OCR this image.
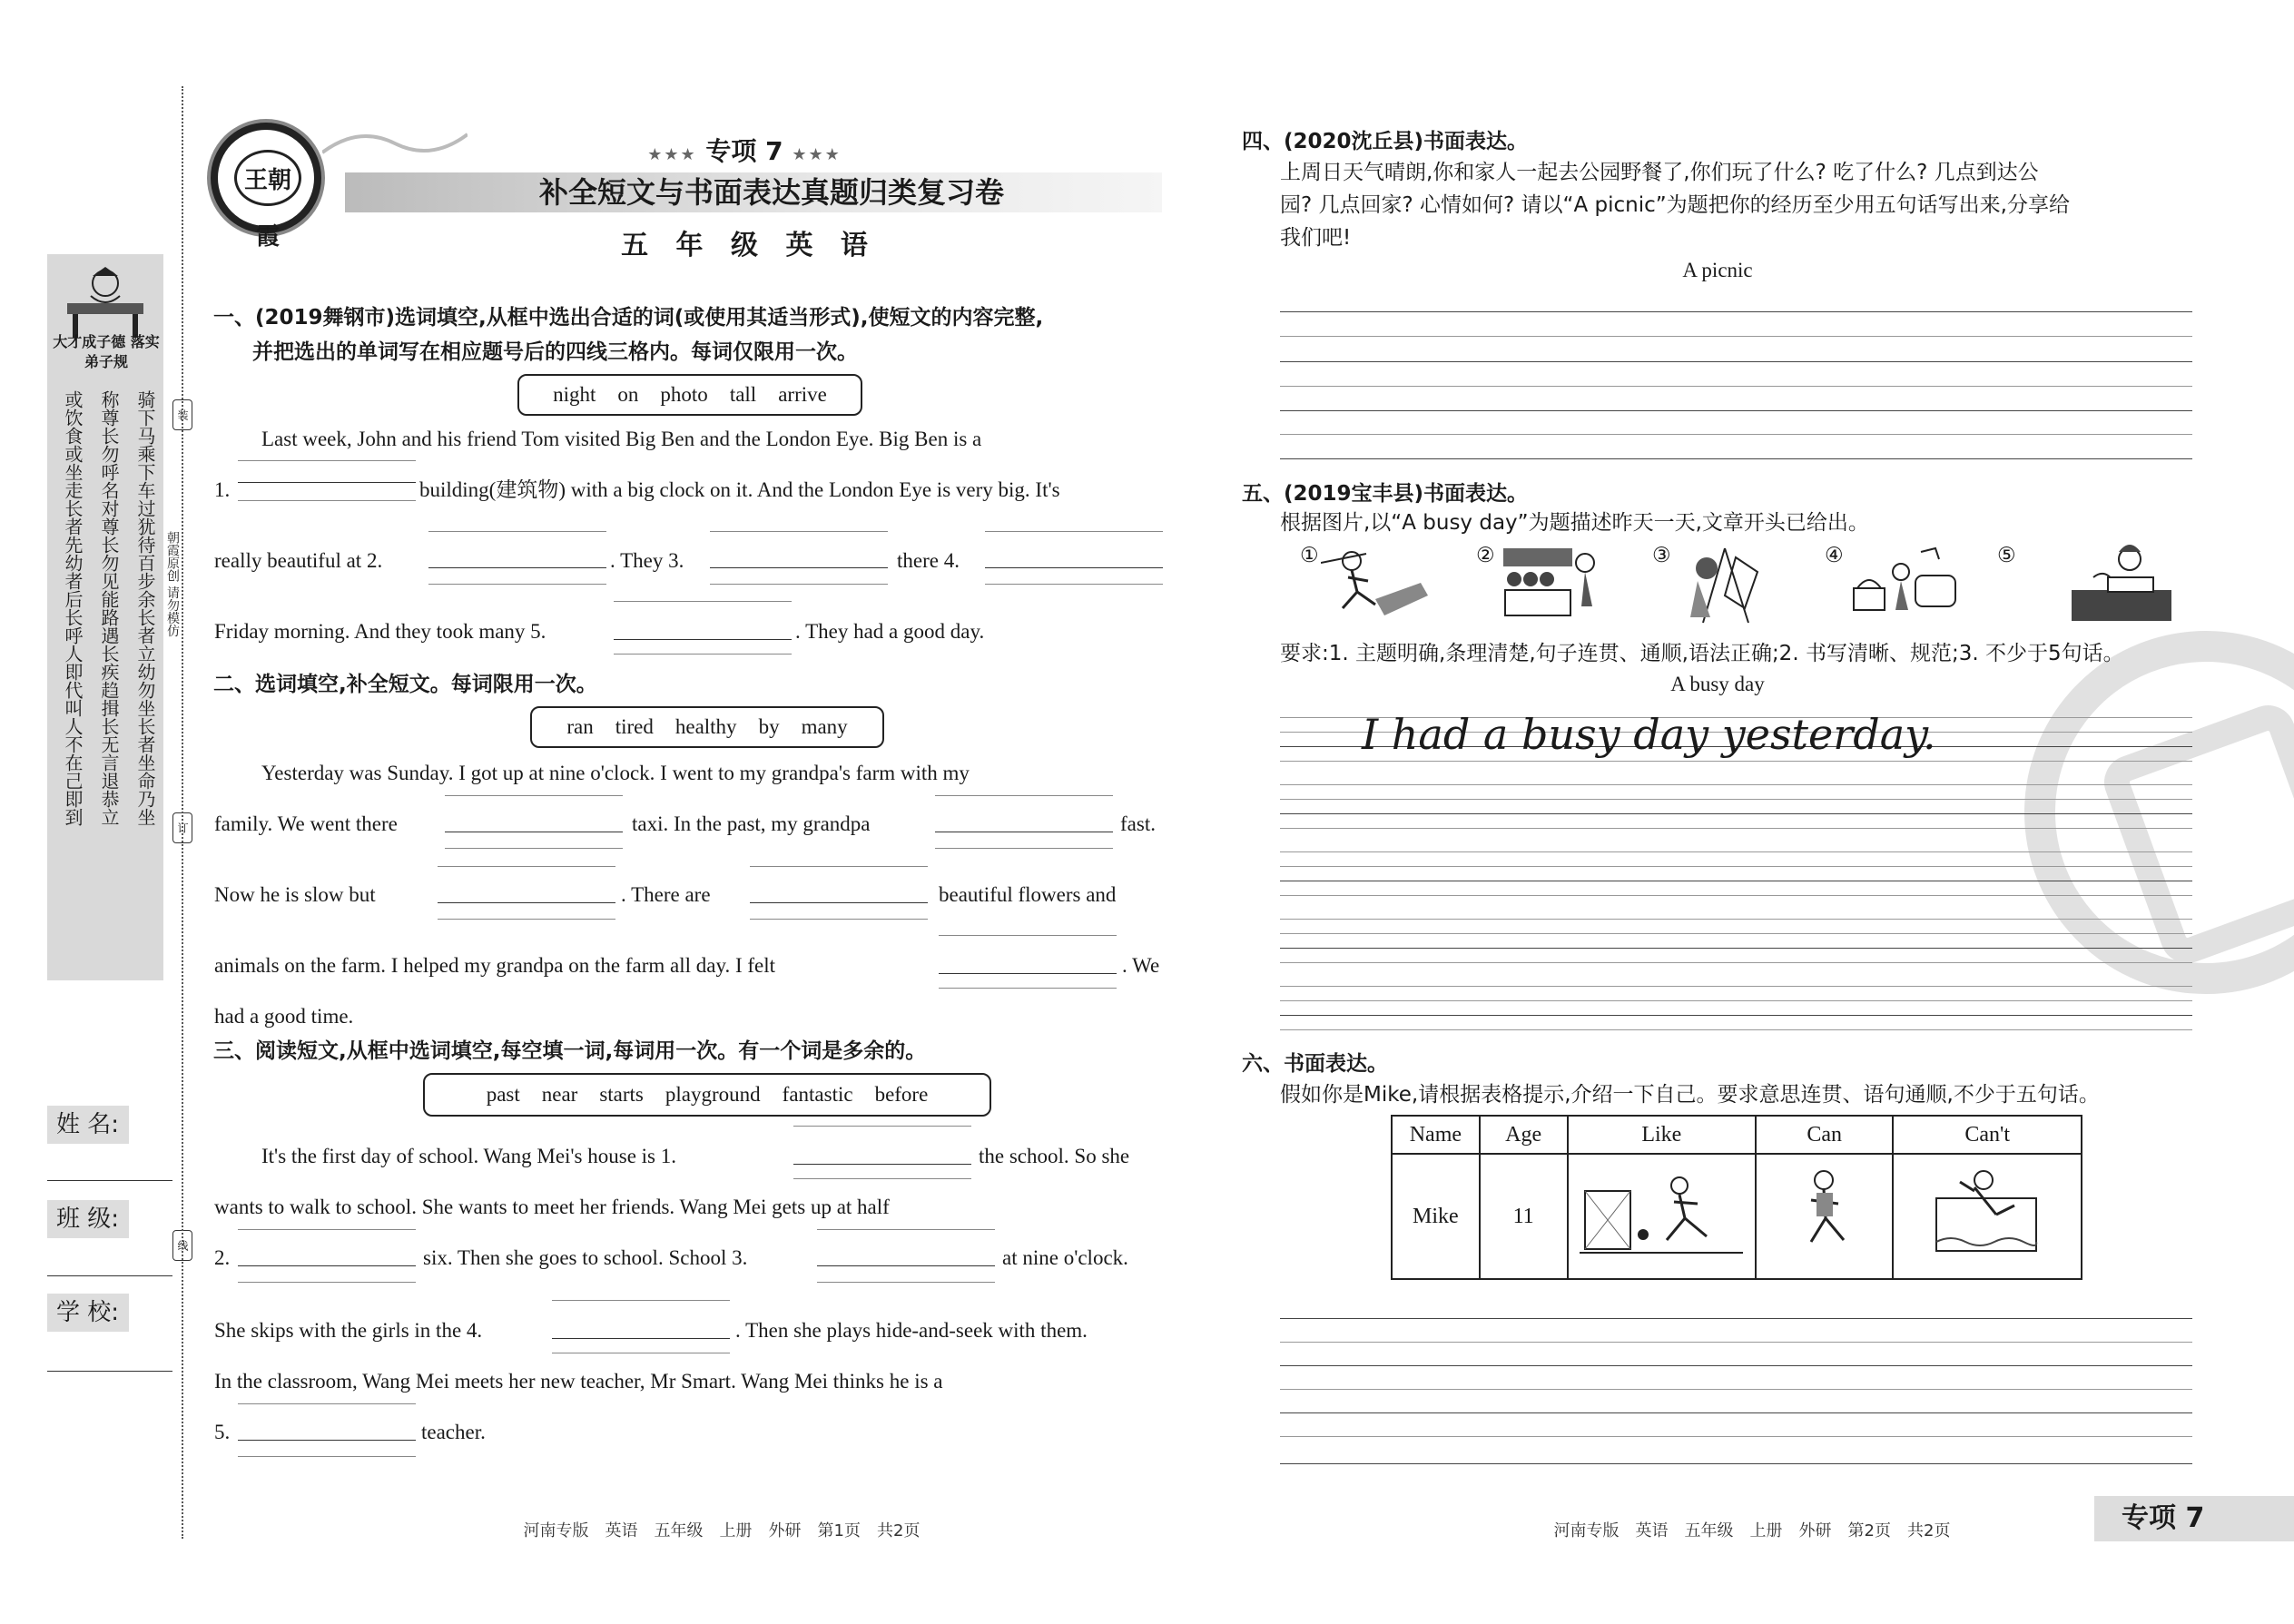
大才成子德 落实弟子规
骑下马乘下车过犹待百步余长者立幼勿坐长者坐命乃坐
称尊长勿呼名对尊长勿见能路遇长疾趋揖长无言退恭立
或饮食或坐走长者先幼者后长呼人即代叫人不在己即到	装
朝霞原创 请勿模仿
订
线
姓 名:
班 级:
学 校:
王朝霞
★★★ 专项 7 ★★★
补全短文与书面表达真题归类复习卷
五 年 级 英 语
一、(2019舞钢市)选词填空,从框中选出合适的词(或使用其适当形式),使短文的内容完整,
并把选出的单词写在相应题号后的四线三格内。每词仅限用一次。
night on photo tall arrive
Last week, John and his friend Tom visited Big Ben and the London Eye. Big Ben is a
1.	building(建筑物) with a big clock on it. And the London Eye is very big. It's
really beautiful at 2.	. They 3.	there 4.
Friday morning. And they took many 5.	. They had a good day.
二、选词填空,补全短文。每词限用一次。
ran tired healthy by many
Yesterday was Sunday. I got up at nine o'clock. I went to my grandpa's farm with my
family. We went there	taxi. In the past, my grandpa	fast.
Now he is slow but	. There are	beautiful flowers and
animals on the farm. I helped my grandpa on the farm all day. I felt	. We
had a good time.
三、阅读短文,从框中选词填空,每空填一词,每词用一次。有一个词是多余的。
past near starts playground fantastic before
It's the first day of school. Wang Mei's house is 1.	the school. So she
wants to walk to school. She wants to meet her friends. Wang Mei gets up at half
2.	six. Then she goes to school. School 3.	at nine o'clock.
She skips with the girls in the 4.	. Then she plays hide-and-seek with them.
In the classroom, Wang Mei meets her new teacher, Mr Smart. Wang Mei thinks he is a
5.	teacher.
河南专版　英语　五年级　上册　外研　第1页　共2页
四、(2020沈丘县)书面表达。
上周日天气晴朗,你和家人一起去公园野餐了,你们玩了什么? 吃了什么? 几点到达公
园? 几点回家? 心情如何? 请以“A picnic”为题把你的经历至少用五句话写出来,分享给
我们吧!
A picnic
五、(2019宝丰县)书面表达。
根据图片,以“A busy day”为题描述昨天一天,文章开头已给出。
①	②	③	④	⑤
要求:1. 主题明确,条理清楚,句子连贯、通顺,语法正确;2. 书写清晰、规范;3. 不少于5句话。
A busy day
I had a busy day yesterday.
六、书面表达。
假如你是Mike,请根据表格提示,介绍一下自己。要求意思连贯、语句通顺,不少于五句话。
Name	Age	Like	Can	Can't
Mike	11			
河南专版　英语　五年级　上册　外研　第2页　共2页	专项 7
